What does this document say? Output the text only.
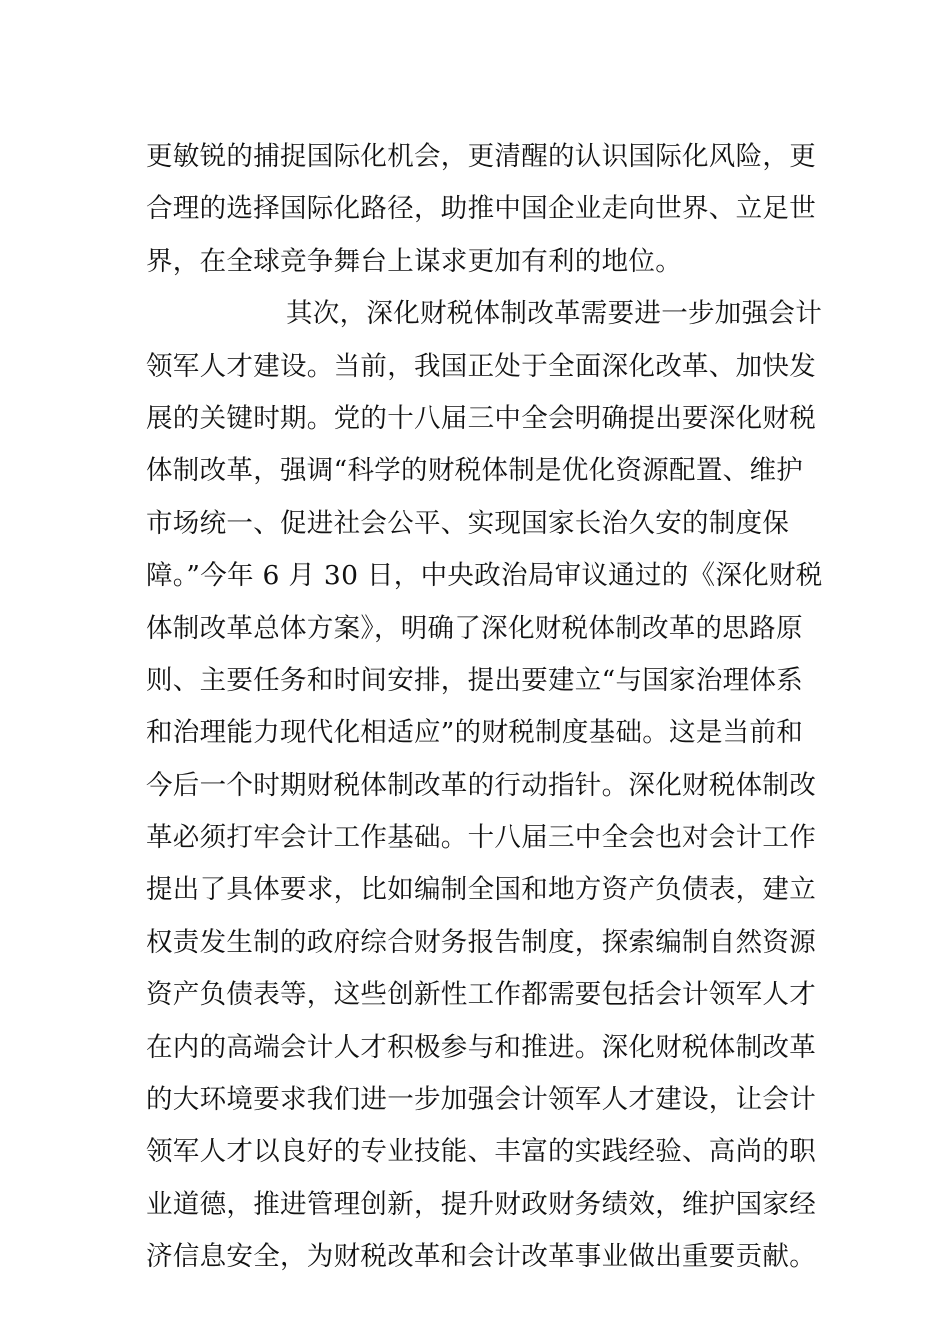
更敏锐的捕捉国际化机会，更清醒的认识国际化风险，更
合理的选择国际化路径，助推中国企业走向世界、立足世
界，在全球竞争舞台上谋求更加有利的地位。
其次，深化财税体制改革需要进一步加强会计
领军人才建设。当前，我国正处于全面深化改革、加快发
展的关键时期。党的十八届三中全会明确提出要深化财税
体制改革，强调“科学的财税体制是优化资源配置、维护
市场统一、促进社会公平、实现国家长治久安的制度保
障。”今年 6 月 30 日，中央政治局审议通过的《深化财税
体制改革总体方案》，明确了深化财税体制改革的思路原
则、主要任务和时间安排，提出要建立“与国家治理体系
和治理能力现代化相适应”的财税制度基础。这是当前和
今后一个时期财税体制改革的行动指针。深化财税体制改
革必须打牢会计工作基础。十八届三中全会也对会计工作
提出了具体要求，比如编制全国和地方资产负债表，建立
权责发生制的政府综合财务报告制度，探索编制自然资源
资产负债表等，这些创新性工作都需要包括会计领军人才
在内的高端会计人才积极参与和推进。深化财税体制改革
的大环境要求我们进一步加强会计领军人才建设，让会计
领军人才以良好的专业技能、丰富的实践经验、高尚的职
业道德，推进管理创新，提升财政财务绩效，维护国家经
济信息安全，为财税改革和会计改革事业做出重要贡献。
